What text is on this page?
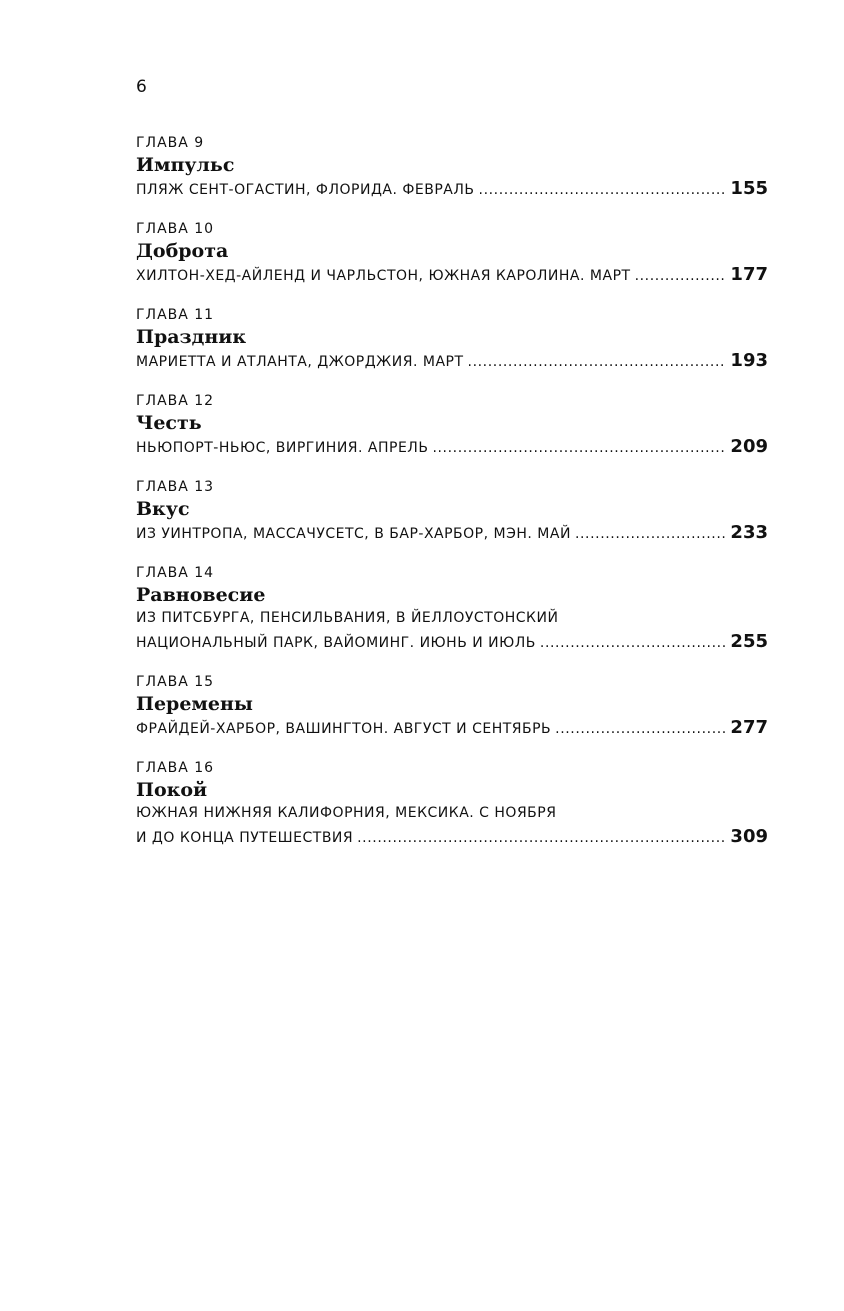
6
ГЛАВА 9
Импульс
ПЛЯЖ СЕНТ-ОГАСТИН, ФЛОРИДА. ФЕВРАЛЬ .....	155
ГЛАВА 10
Доброта
ХИЛТОН-ХЕД-АЙЛЕНД И ЧАРЛЬСТОН, ЮЖНАЯ КАРОЛИНА. МАРТ .....	177
ГЛАВА 11
Праздник
МАРИЕТТА И АТЛАНТА, ДЖОРДЖИЯ. МАРТ .....	193
ГЛАВА 12
Честь
НЬЮПОРТ-НЬЮС, ВИРГИНИЯ. АПРЕЛЬ .....	209
ГЛАВА 13
Вкус
ИЗ УИНТРОПА, МАССАЧУСЕТС, В БАР-ХАРБОР, МЭН. МАЙ .....	233
ГЛАВА 14
Равновесие
ИЗ ПИТСБУРГА, ПЕНСИЛЬВАНИЯ, В ЙЕЛЛОУСТОНСКИЙ
НАЦИОНАЛЬНЫЙ ПАРК, ВАЙОМИНГ. ИЮНЬ И ИЮЛЬ .....	255
ГЛАВА 15
Перемены
ФРАЙДЕЙ-ХАРБОР, ВАШИНГТОН. АВГУСТ И СЕНТЯБРЬ .....	277
ГЛАВА 16
Покой
ЮЖНАЯ НИЖНЯЯ КАЛИФОРНИЯ, МЕКСИКА. С НОЯБРЯ
И ДО КОНЦА ПУТЕШЕСТВИЯ .....	309
